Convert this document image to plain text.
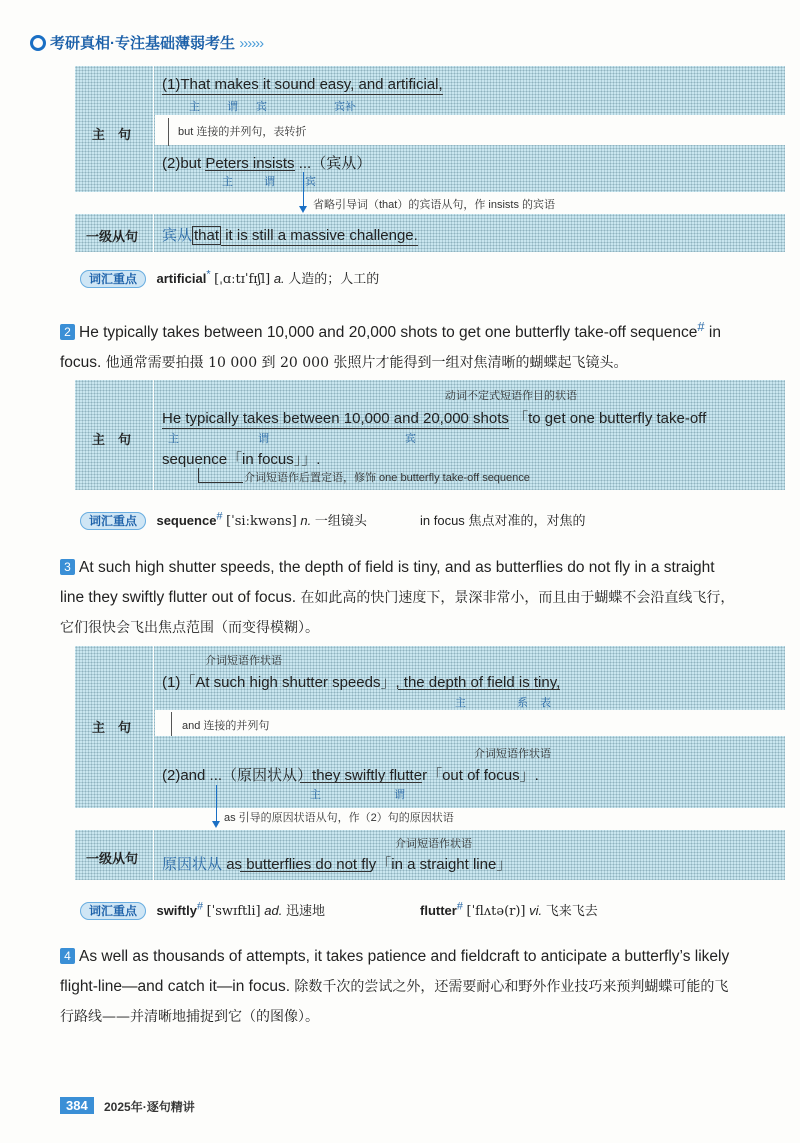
考研真相·专注基础薄弱考生 ››››››
主　句
(1)That makes it sound easy, and artificial,
主 谓 宾	宾补
but 连接的并列句，表转折
(2)but Peters insists ...（宾从）
主	谓	宾
省略引导词（that）的宾语从句，作 insists 的宾语
一级从句 宾从 that it is still a massive challenge.
词汇重点 artificial* [ˌɑːtɪˈfɪʃl] a. 人造的；人工的
2 He typically takes between 10,000 and 20,000 shots to get one butterfly take-off sequence# in focus. 他通常需要拍摄 10 000 到 20 000 张照片才能得到一组对焦清晰的蝴蝶起飞镜头。
主　句
动词不定式短语作目的状语
He typically takes between 10,000 and 20,000 shots 「to get one butterfly take-off
主	谓	宾
sequence「in focus」」.
介词短语作后置定语，修饰 one butterfly take-off sequence
词汇重点 sequence# [ˈsiːkwəns] n. 一组镜头	in focus 焦点对准的，对焦的
3 At such high shutter speeds, the depth of field is tiny, and as butterflies do not fly in a straight line they swiftly flutter out of focus. 在如此高的快门速度下，景深非常小，而且由于蝴蝶不会沿直线飞行，它们很快会飞出焦点范围（而变得模糊）。
主　句
介词短语作状语
(1)「At such high shutter speeds」, the depth of field is tiny,
主	系 表
and 连接的并列句
介词短语作状语
(2)and ...（原因状从）they swiftly flutter「out of focus」.
主	谓
as 引导的原因状语从句，作（2）句的原因状语
一级从句
介词短语作状语
原因状从 as butterflies do not fly「in a straight line」
词汇重点 swiftly# [ˈswɪftli] ad. 迅速地	flutter# [ˈflʌtə(r)] vi. 飞来飞去
4 As well as thousands of attempts, it takes patience and fieldcraft to anticipate a butterfly’s likely flight-line—and catch it—in focus. 除数千次的尝试之外，还需要耐心和野外作业技巧来预判蝴蝶可能的飞行路线——并清晰地捕捉到它（的图像）。
384	2025年·逐句精讲
